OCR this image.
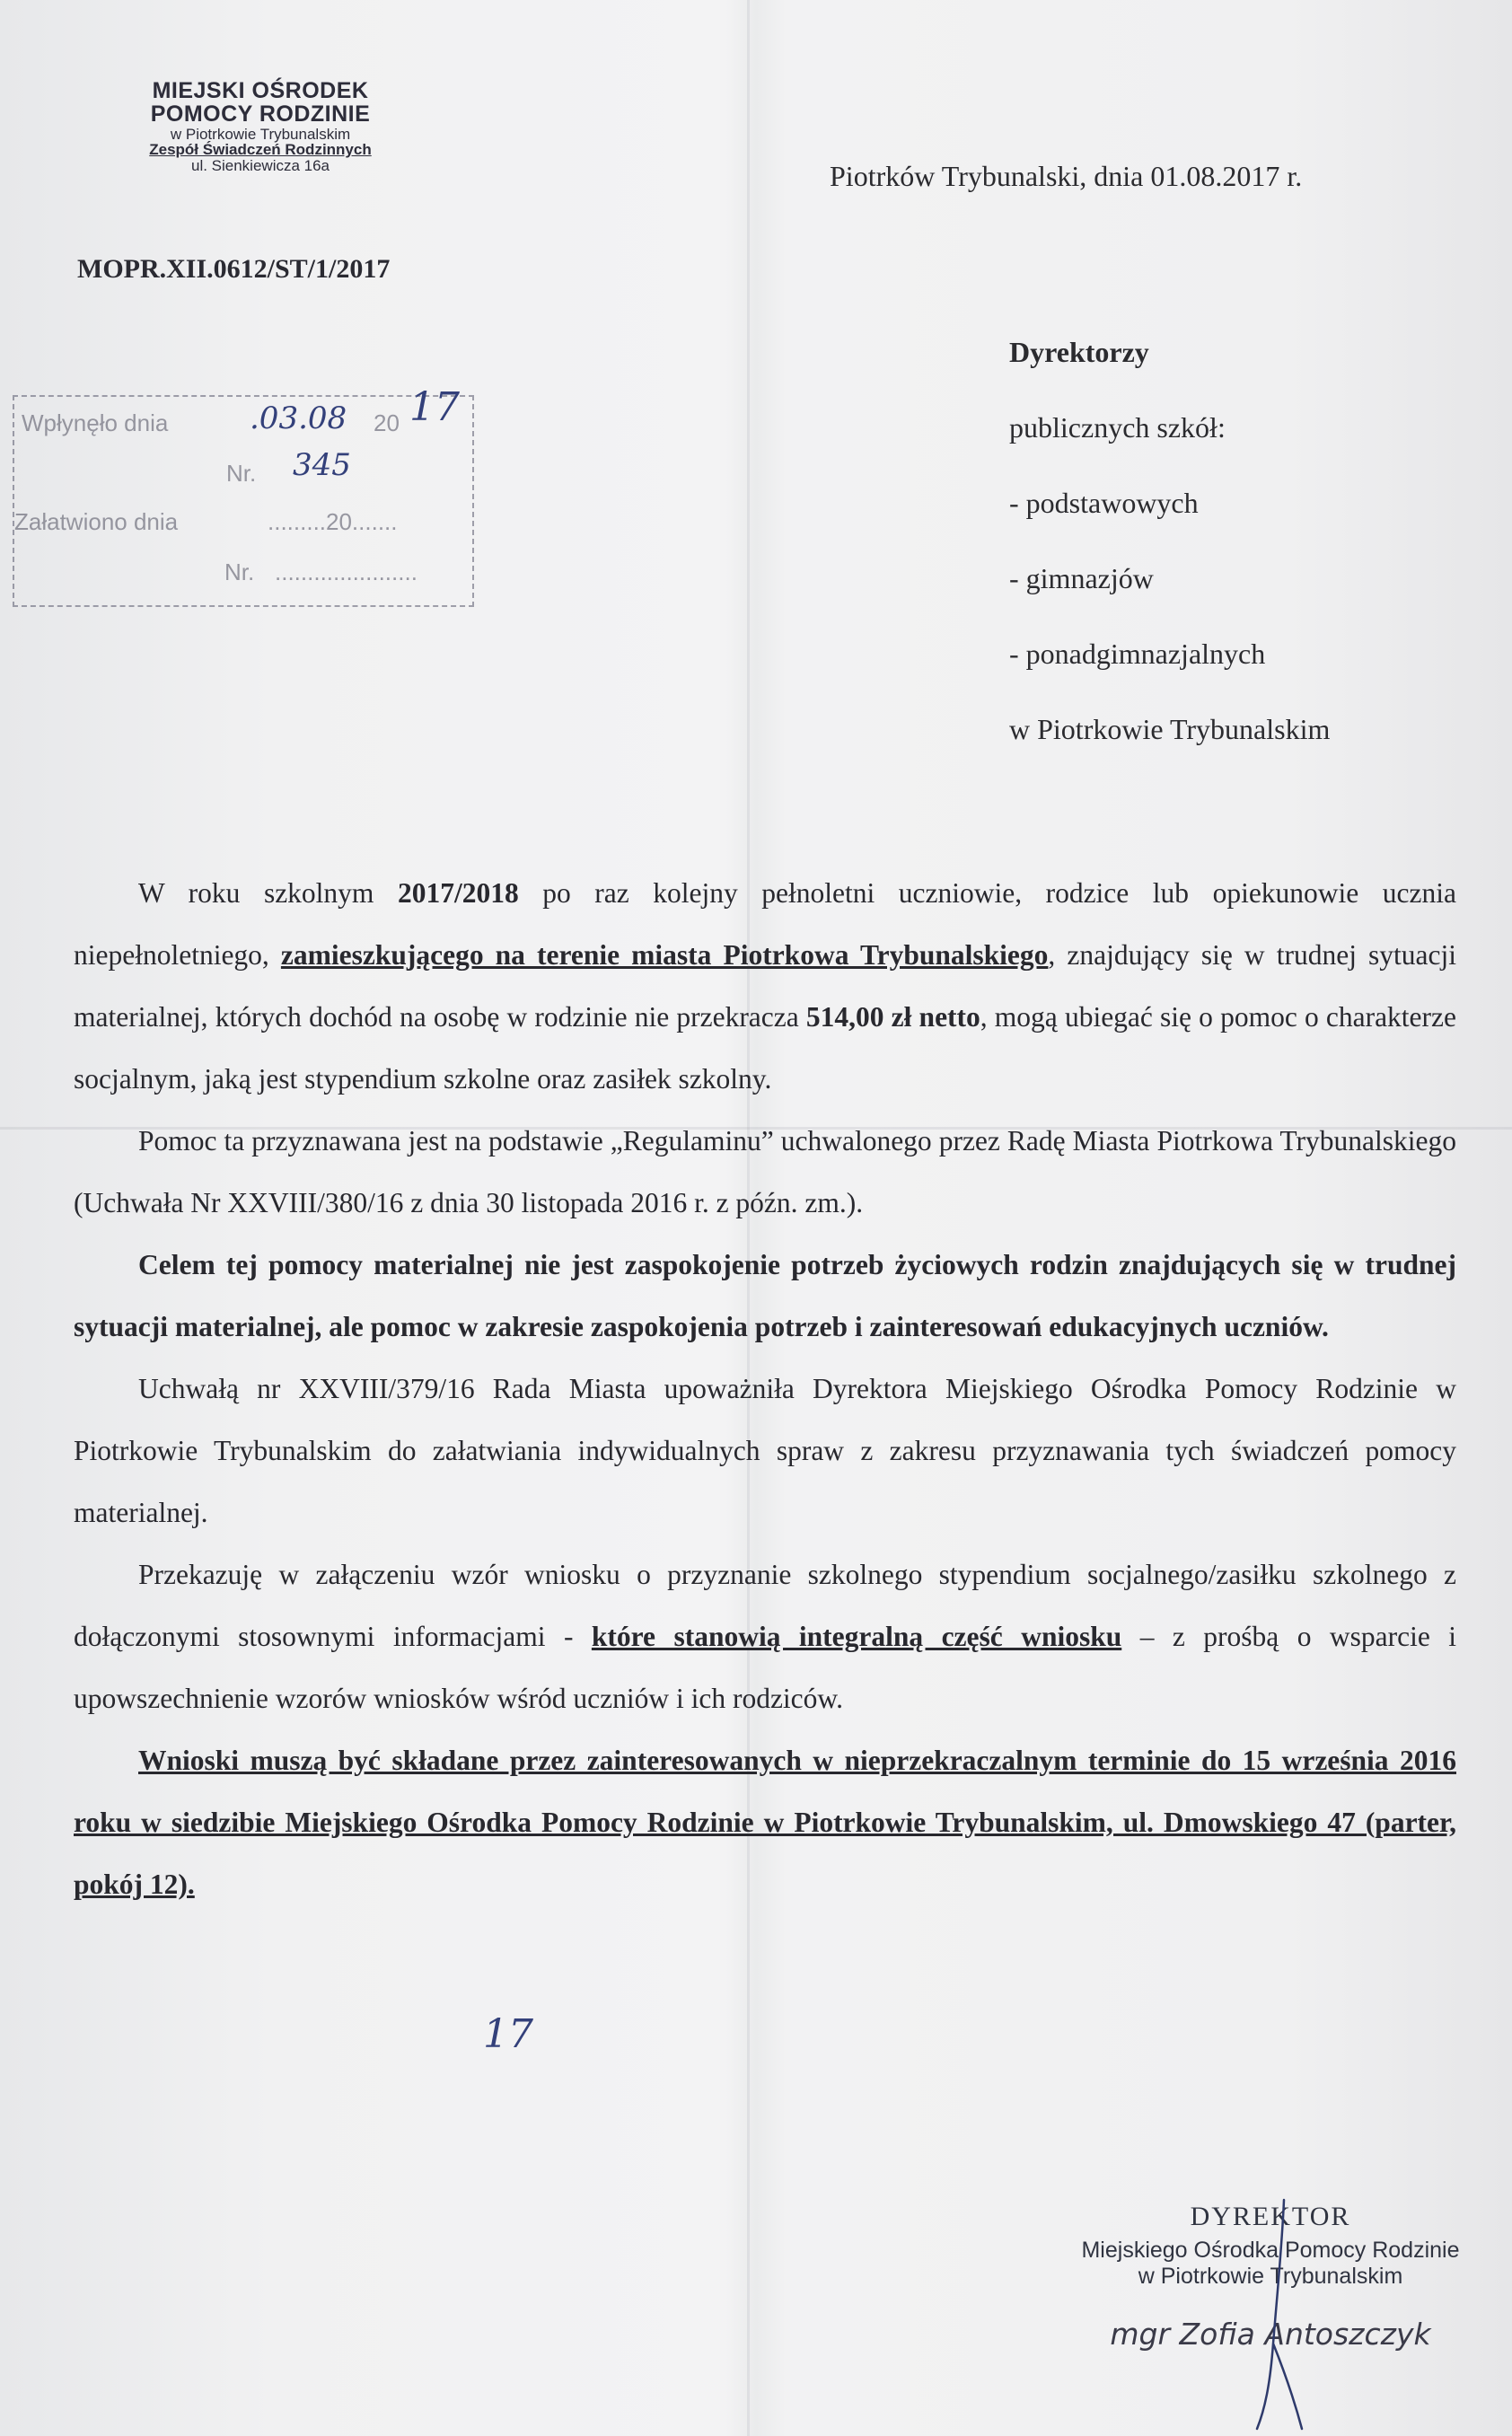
MIEJSKI OŚRODEK
POMOCY RODZINIE
w Piotrkowie Trybunalskim
Zespół Świadczeń Rodzinnych
ul. Sienkiewicza 16a
MOPR.XII.0612/ST/1/2017
Piotrków Trybunalski, dnia 01.08.2017 r.
Wpłynęło dnia	.03.08 20 17
Nr. 345
Załatwiono dnia	.........20.......
Nr. ......................
Dyrektorzy
publicznych szkół:
- podstawowych
- gimnazjów
- ponadgimnazjalnych
w Piotrkowie Trybunalskim

W roku szkolnym 2017/2018 po raz kolejny pełnoletni uczniowie, rodzice lub opiekunowie ucznia niepełnoletniego, zamieszkującego na terenie miasta Piotrkowa Trybunalskiego, znajdujący się w trudnej sytuacji materialnej, których dochód na osobę w rodzinie nie przekracza 514,00 zł netto, mogą ubiegać się o pomoc o charakterze socjalnym, jaką jest stypendium szkolne oraz zasiłek szkolny.

Pomoc ta przyznawana jest na podstawie „Regulaminu” uchwalonego przez Radę Miasta Piotrkowa Trybunalskiego (Uchwała Nr XXVIII/380/16 z dnia 30 listopada 2016 r. z późn. zm.).

Celem tej pomocy materialnej nie jest zaspokojenie potrzeb życiowych rodzin znajdujących się w trudnej sytuacji materialnej, ale pomoc w zakresie zaspokojenia potrzeb i zainteresowań edukacyjnych uczniów.

Uchwałą nr XXVIII/379/16 Rada Miasta upoważniła Dyrektora Miejskiego Ośrodka Pomocy Rodzinie w Piotrkowie Trybunalskim do załatwiania indywidualnych spraw z zakresu przyznawania tych świadczeń pomocy materialnej.

Przekazuję w załączeniu wzór wniosku o przyznanie szkolnego stypendium socjalnego/zasiłku szkolnego z dołączonymi stosownymi informacjami - które stanowią integralną część wniosku – z prośbą o wsparcie i upowszechnienie wzorów wniosków wśród uczniów i ich rodziców.

Wnioski muszą być składane przez zainteresowanych w nieprzekraczalnym terminie do 15 września 2016 roku w siedzibie Miejskiego Ośrodka Pomocy Rodzinie w Piotrkowie Trybunalskim, ul. Dmowskiego 47 (parter, pokój 12).

17
DYREKTOR
Miejskiego Ośrodka Pomocy Rodzinie
w Piotrkowie Trybunalskim
mgr Zofia Antoszczyk
